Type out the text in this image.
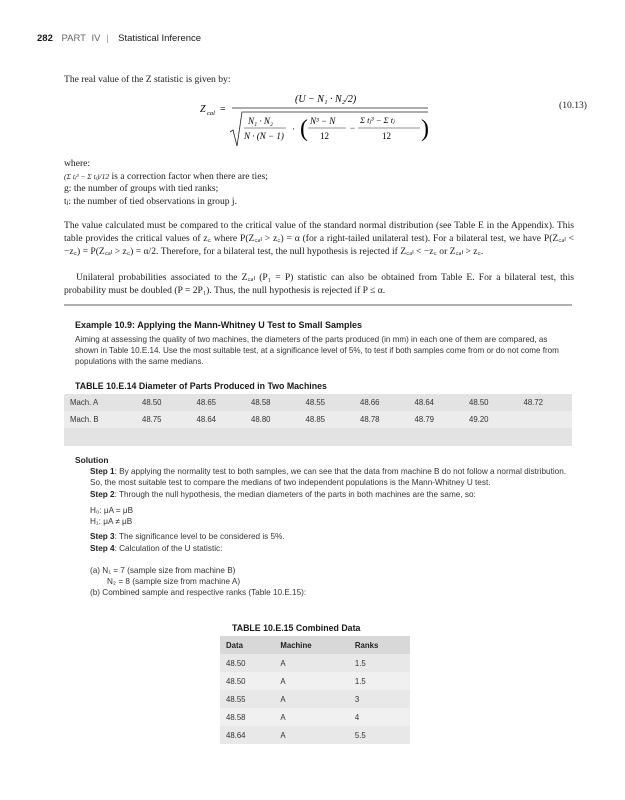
282 PART IV | Statistical Inference
The real value of the Z statistic is given by:
Z cal =
(U − N₁ · N₂/2)
N₁ · N₂
N · (N − 1)
· ( N³ − N
12
−
Σ tⱼ³ − Σ tⱼ
12 )
(10.13)
where:
(Σ tⱼ³ − Σ tⱼ)/12 is a correction factor when there are ties;
g: the number of groups with tied ranks;
tⱼ: the number of tied observations in group j.
The value calculated must be compared to the critical value of the standard normal distribution (see Table E in the Appendix). This table provides the critical values of z꜀ where P(Z꜀ₐₗ > z꜀) = α (for a right-tailed unilateral test). For a bilateral test, we have P(Z꜀ₐₗ < −z꜀) = P(Z꜀ₐₗ > z꜀) = α/2. Therefore, for a bilateral test, the null hypothesis is rejected if Z꜀ₐₗ < −z꜀ or Z꜀ₐₗ > z꜀.
Unilateral probabilities associated to the Z꜀ₐₗ (P₁ = P) statistic can also be obtained from Table E. For a bilateral test, this probability must be doubled (P = 2P₁). Thus, the null hypothesis is rejected if P ≤ α.
Example 10.9: Applying the Mann-Whitney U Test to Small Samples
Aiming at assessing the quality of two machines, the diameters of the parts produced (in mm) in each one of them are compared, as shown in Table 10.E.14. Use the most suitable test, at a significance level of 5%, to test if both samples come from or do not come from populations with the same medians.
TABLE 10.E.14 Diameter of Parts Produced in Two Machines
Mach. A	48.50	48.65	48.58	48.55	48.66	48.64	48.50	48.72
Mach. B	48.75	48.64	48.80	48.85	48.78	48.79	49.20	

Solution
Step 1: By applying the normality test to both samples, we can see that the data from machine B do not follow a normal distribution. So, the most suitable test to compare the medians of two independent populations is the Mann-Whitney U test.
Step 2: Through the null hypothesis, the median diameters of the parts in both machines are the same, so:
H₀: μA = μB
H₁: μA ≠ μB
Step 3: The significance level to be considered is 5%.
Step 4: Calculation of the U statistic:
(a) N₁ = 7 (sample size from machine B)
N₂ = 8 (sample size from machine A)
(b) Combined sample and respective ranks (Table 10.E.15):
TABLE 10.E.15 Combined Data
Data	Machine	Ranks
48.50	A	1.5
48.50	A	1.5
48.55	A	3
48.58	A	4
48.64	A	5.5
